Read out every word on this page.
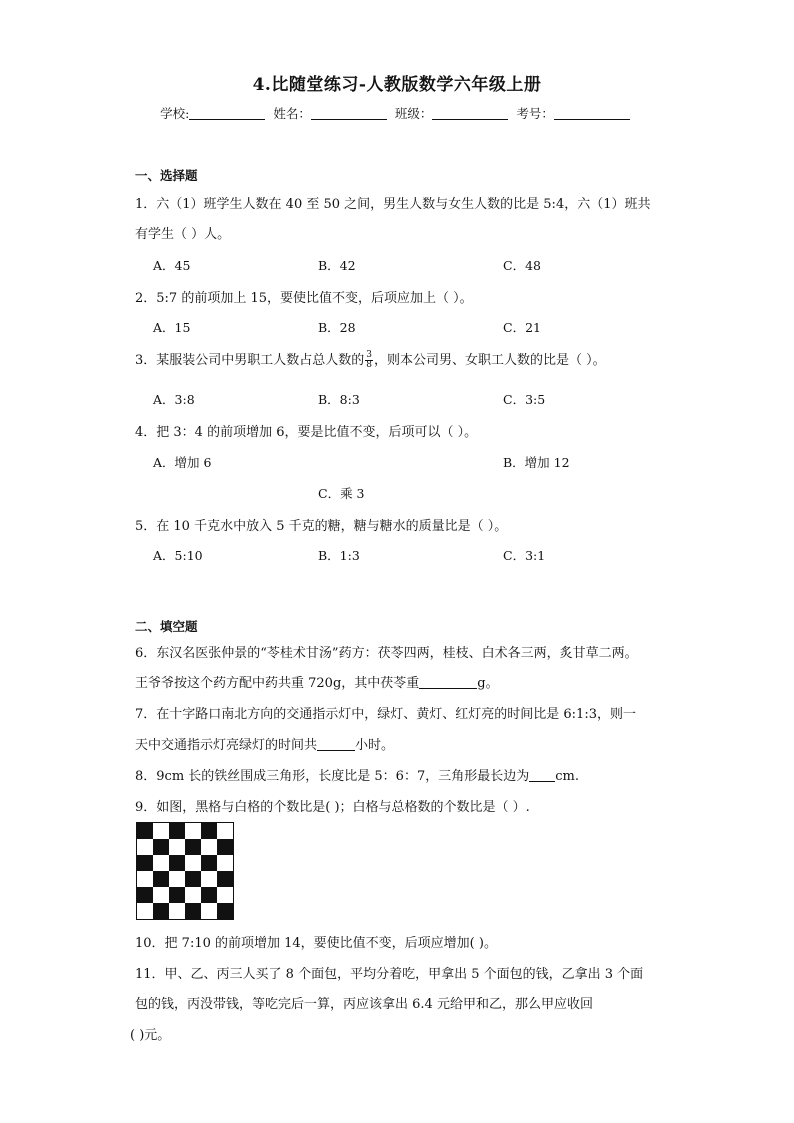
4.比随堂练习-人教版数学六年级上册
学校:	姓名：	班级：	考号：
一、选择题
1．六（1）班学生人数在 40 至 50 之间，男生人数与女生人数的比是 5:4，六（1）班共
有学生（ ）人。
A．45	B．42	C．48
2．5:7 的前项加上 15，要使比值不变，后项应加上（ ）。
A．15	B．28	C．21
3．某服装公司中男职工人数占总人数的 $\frac{3}{8}$ ，则本公司男、女职工人数的比是（ ）。
A．3:8	B．8:3	C．3:5
4．把 3：4 的前项增加 6，要是比值不变，后项可以（ ）。
A．增加 6	B．增加 12
C．乘 3
5．在 10 千克水中放入 5 千克的糖，糖与糖水的质量比是（ ）。
A．5:10	B．1:3	C．3:1
二、填空题
6．东汉名医张仲景的“苓桂术甘汤”药方：茯苓四两，桂枝、白术各三两，炙甘草二两。
王爷爷按这个药方配中药共重 720g，其中茯苓重	g。
7．在十字路口南北方向的交通指示灯中，绿灯、黄灯、红灯亮的时间比是 6:1:3，则一
天中交通指示灯亮绿灯的时间共	小时。
8．9cm 长的铁丝围成三角形，长度比是 5：6：7，三角形最长边为 cm.
9．如图，黑格与白格的个数比是( )；白格与总格数的个数比是（ ）.
10．把 7:10 的前项增加 14，要使比值不变，后项应增加( )。
11．甲、乙、丙三人买了 8 个面包，平均分着吃，甲拿出 5 个面包的钱，乙拿出 3 个面
包的钱，丙没带钱，等吃完后一算，丙应该拿出 6.4 元给甲和乙，那么甲应收回
( )元。
